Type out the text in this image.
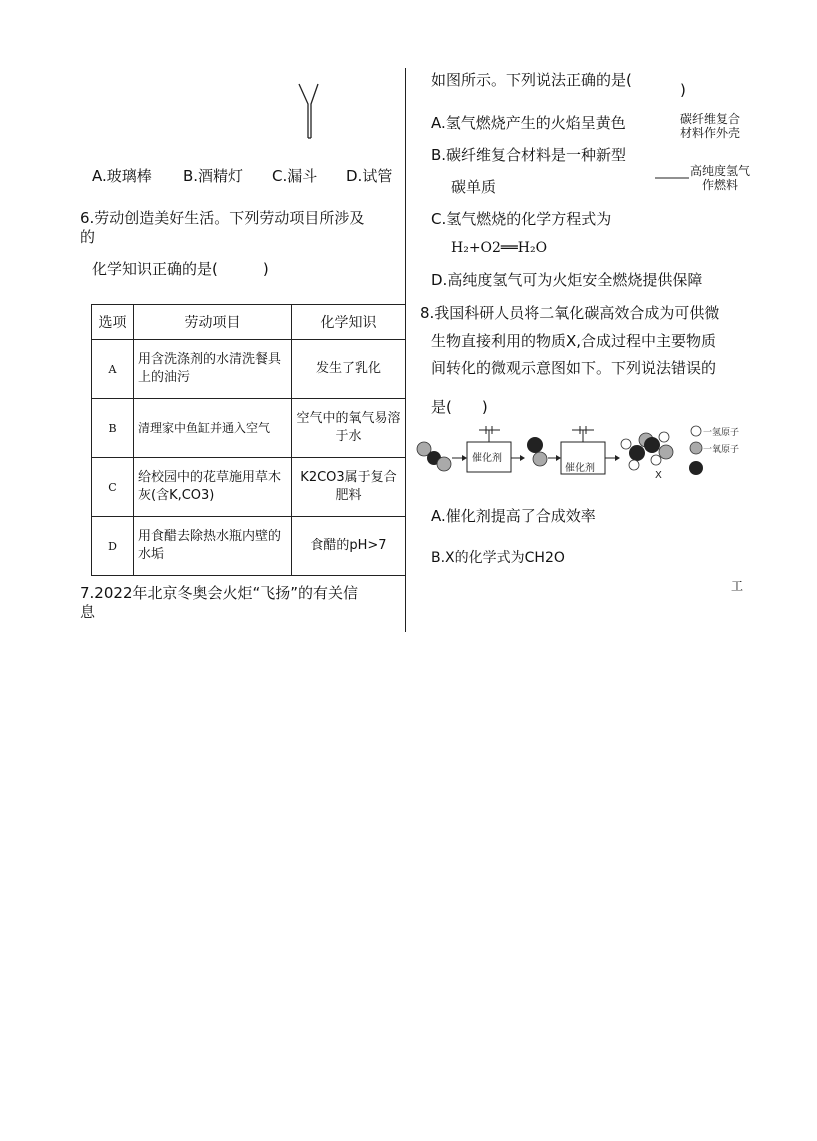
A.玻璃棒 B.酒精灯 C.漏斗 D.试管
6.劳动创造美好生活。下列劳动项目所涉及
的
化学知识正确的是(　　　)
选项	劳动项目	化学知识
A	用含洗涤剂的水清洗餐具上的油污	发生了乳化
B	清理家中鱼缸并通入空气	空气中的氧气易溶于水
C	给校园中的花草施用草木灰(含K,CO3)	K2CO3属于复合肥料
D	用食醋去除热水瓶内壁的水垢	食醋的pH>7
7.2022年北京冬奥会火炬“飞扬”的有关信
息
如图所示。下列说法正确的是(
)
A.氢气燃烧产生的火焰呈黄色	碳纤维复合
材料作外壳
B.碳纤维复合材料是一种新型
碳单质
高纯度氢气
作燃料
C.氢气燃烧的化学方程式为
H₂+O2══H₂O
D.高纯度氢气可为火炬安全燃烧提供保障
8.我国科研人员将二氧化碳高效合成为可供微
生物直接利用的物质X,合成过程中主要物质
间转化的微观示意图如下。下列说法错误的
是(　　)
催化剂
催化剂
X
一氢原子
一氧原子
A.催化剂提高了合成效率
B.X的化学式为CH2O
工
